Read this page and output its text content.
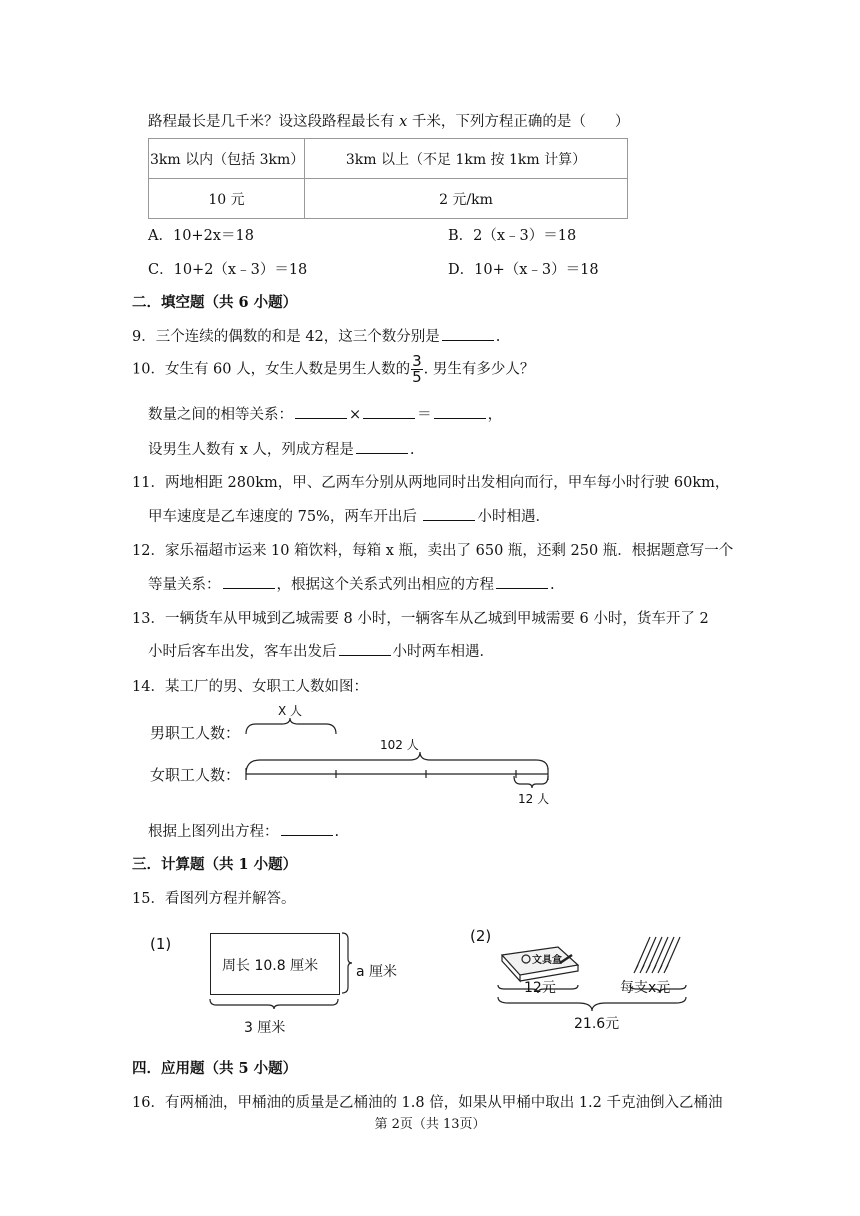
路程最长是几千米？设这段路程最长有 x 千米，下列方程正确的是（　　）
3km 以内（包括 3km）	3km 以上（不足 1km 按 1km 计算）
10 元	2 元/km
A．10+2x＝18	B．2（x﹣3）＝18
C．10+2（x﹣3）＝18	D．10+（x﹣3）＝18
二．填空题（共 6 小题）
9．三个连续的偶数的和是 42，这三个数分别是	.
10．女生有 60 人，女生人数是男生人数的 $\frac{3}{5}$ . 男生有多少人？
数量之间的相等关系：	×	＝	，
设男生人数有 x 人，列成方程是	.
11．两地相距 280km，甲、乙两车分别从两地同时出发相向而行，甲车每小时行驶 60km，
甲车速度是乙车速度的 75%，两车开出后	小时相遇．
12．家乐福超市运来 10 箱饮料，每箱 x 瓶，卖出了 650 瓶，还剩 250 瓶．根据题意写一个
等量关系：	，根据这个关系式列出相应的方程	.
13．一辆货车从甲城到乙城需要 8 小时，一辆客车从乙城到甲城需要 6 小时，货车开了 2
小时后客车出发，客车出发后	小时两车相遇．
14．某工厂的男、女职工人数如图：
男职工人数：
女职工人数：
X 人
102 人
12 人
根据上图列出方程：	.
三．计算题（共 1 小题）
15．看图列方程并解答。
(1)
周长 10.8 厘米	a 厘米
3 厘米
(2)
文具盒
12元	每支x元
21.6元
四．应用题（共 5 小题）
16．有两桶油，甲桶油的质量是乙桶油的 1.8 倍，如果从甲桶中取出 1.2 千克油倒入乙桶油
第 2页（共 13页）
